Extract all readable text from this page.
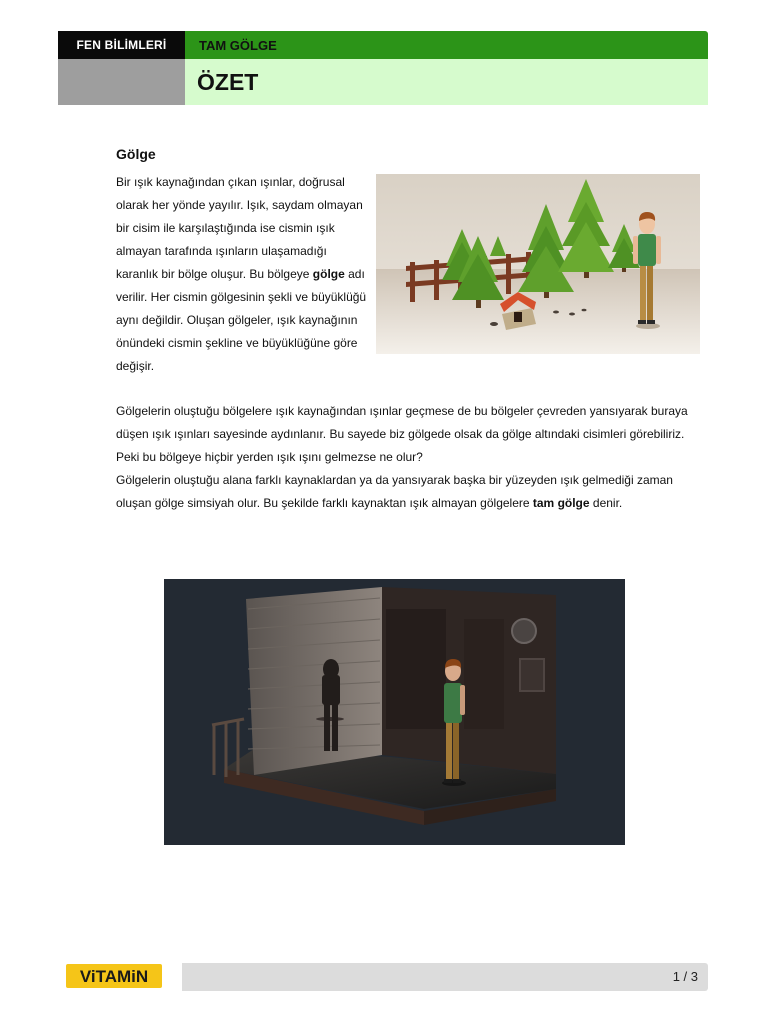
FEN BİLİMLERİ	TAM GÖLGE
ÖZET
Gölge
Bir ışık kaynağından çıkan ışınlar, doğrusal olarak her yönde yayılır. Işık, saydam olmayan bir cisim ile karşılaştığında ise cismin ışık almayan tarafında ışınların ulaşamadığı karanlık bir bölge oluşur. Bu bölgeye gölge adı verilir. Her cismin gölgesinin şekli ve büyüklüğü aynı değildir. Oluşan gölgeler, ışık kaynağının önündeki cismin şekline ve büyüklüğüne göre değişir.
Gölgelerin oluştuğu bölgelere ışık kaynağından ışınlar geçmese de bu bölgeler çevreden yansıyarak buraya düşen ışık ışınları sayesinde aydınlanır. Bu sayede biz gölgede olsak da gölge altındaki cisimleri görebiliriz. Peki bu bölgeye hiçbir yerden ışık ışını gelmezse ne olur?
Gölgelerin oluştuğu alana farklı kaynaklardan ya da yansıyarak başka bir yüzeyden ışık gelmediği zaman oluşan gölge simsiyah olur. Bu şekilde farklı kaynaktan ışık almayan gölgelere tam gölge denir.
ViTAMiN	1 / 3
